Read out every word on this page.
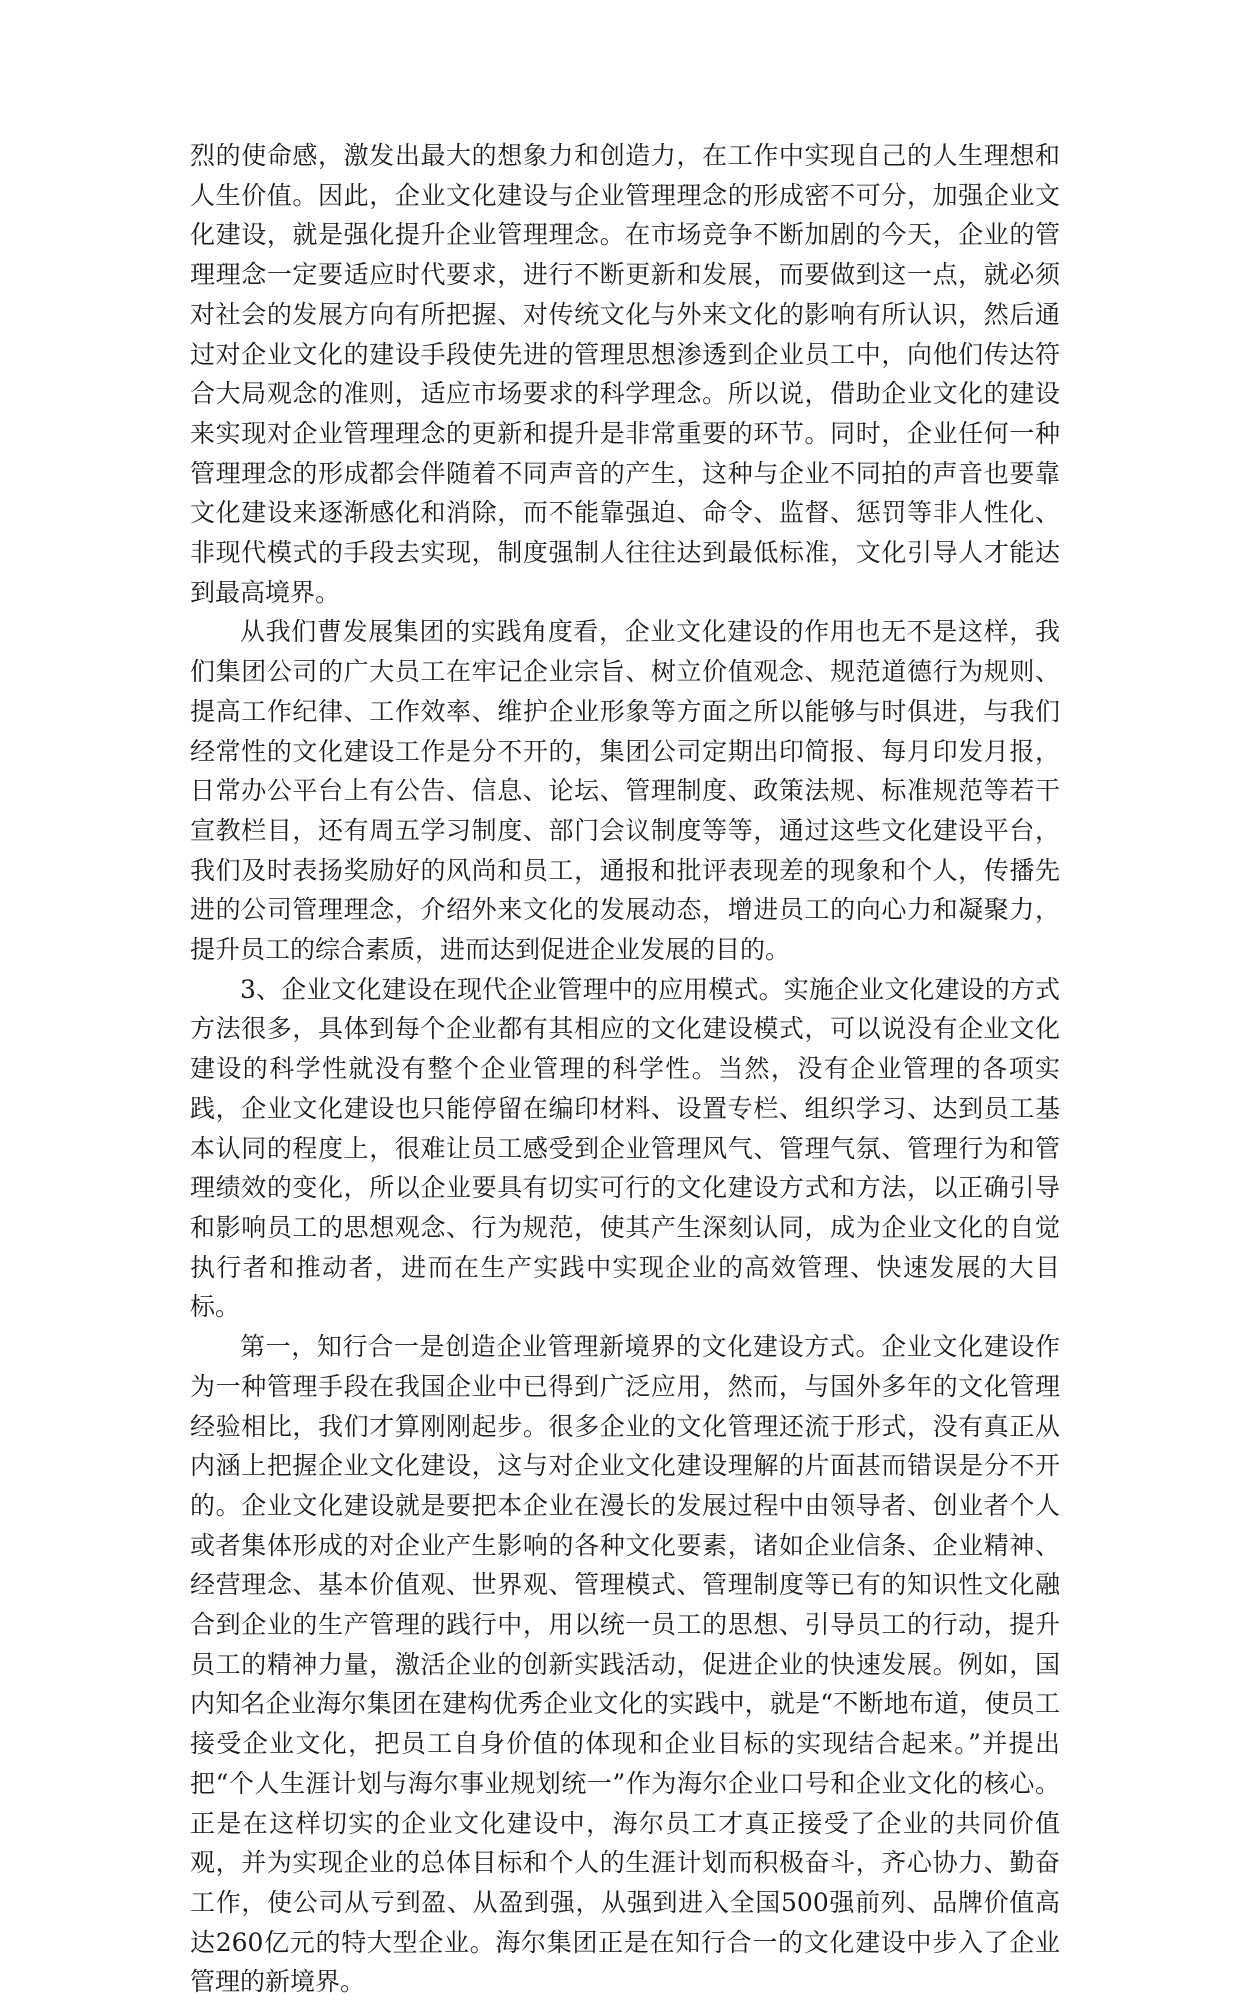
烈的使命感，激发出最大的想象力和创造力，在工作中实现自己的人生理想和人生价值。因此，企业文化建设与企业管理理念的形成密不可分，加强企业文化建设，就是强化提升企业管理理念。在市场竞争不断加剧的今天，企业的管理理念一定要适应时代要求，进行不断更新和发展，而要做到这一点，就必须对社会的发展方向有所把握、对传统文化与外来文化的影响有所认识，然后通过对企业文化的建设手段使先进的管理思想渗透到企业员工中，向他们传达符合大局观念的准则，适应市场要求的科学理念。所以说，借助企业文化的建设来实现对企业管理理念的更新和提升是非常重要的环节。同时，企业任何一种管理理念的形成都会伴随着不同声音的产生，这种与企业不同拍的声音也要靠文化建设来逐渐感化和消除，而不能靠强迫、命令、监督、惩罚等非人性化、非现代模式的手段去实现，制度强制人往往达到最低标准，文化引导人才能达到最高境界。

从我们曹发展集团的实践角度看，企业文化建设的作用也无不是这样，我们集团公司的广大员工在牢记企业宗旨、树立价值观念、规范道德行为规则、提高工作纪律、工作效率、维护企业形象等方面之所以能够与时俱进，与我们经常性的文化建设工作是分不开的，集团公司定期出印简报、每月印发月报，日常办公平台上有公告、信息、论坛、管理制度、政策法规、标准规范等若干宣教栏目，还有周五学习制度、部门会议制度等等，通过这些文化建设平台，我们及时表扬奖励好的风尚和员工，通报和批评表现差的现象和个人，传播先进的公司管理理念，介绍外来文化的发展动态，增进员工的向心力和凝聚力，提升员工的综合素质，进而达到促进企业发展的目的。

3、企业文化建设在现代企业管理中的应用模式。实施企业文化建设的方式方法很多，具体到每个企业都有其相应的文化建设模式，可以说没有企业文化建设的科学性就没有整个企业管理的科学性。当然，没有企业管理的各项实践，企业文化建设也只能停留在编印材料、设置专栏、组织学习、达到员工基本认同的程度上，很难让员工感受到企业管理风气、管理气氛、管理行为和管理绩效的变化，所以企业要具有切实可行的文化建设方式和方法，以正确引导和影响员工的思想观念、行为规范，使其产生深刻认同，成为企业文化的自觉执行者和推动者，进而在生产实践中实现企业的高效管理、快速发展的大目标。

第一，知行合一是创造企业管理新境界的文化建设方式。企业文化建设作为一种管理手段在我国企业中已得到广泛应用，然而，与国外多年的文化管理经验相比，我们才算刚刚起步。很多企业的文化管理还流于形式，没有真正从内涵上把握企业文化建设，这与对企业文化建设理解的片面甚而错误是分不开的。企业文化建设就是要把本企业在漫长的发展过程中由领导者、创业者个人或者集体形成的对企业产生影响的各种文化要素，诸如企业信条、企业精神、经营理念、基本价值观、世界观、管理模式、管理制度等已有的知识性文化融合到企业的生产管理的践行中，用以统一员工的思想、引导员工的行动，提升员工的精神力量，激活企业的创新实践活动，促进企业的快速发展。例如，国内知名企业海尔集团在建构优秀企业文化的实践中，就是“不断地布道，使员工接受企业文化，把员工自身价值的体现和企业目标的实现结合起来。”并提出把“个人生涯计划与海尔事业规划统一”作为海尔企业口号和企业文化的核心。正是在这样切实的企业文化建设中，海尔员工才真正接受了企业的共同价值观，并为实现企业的总体目标和个人的生涯计划而积极奋斗，齐心协力、勤奋工作，使公司从亏到盈、从盈到强，从强到进入全国500强前列、品牌价值高达260亿元的特大型企业。海尔集团正是在知行合一的文化建设中步入了企业管理的新境界。
